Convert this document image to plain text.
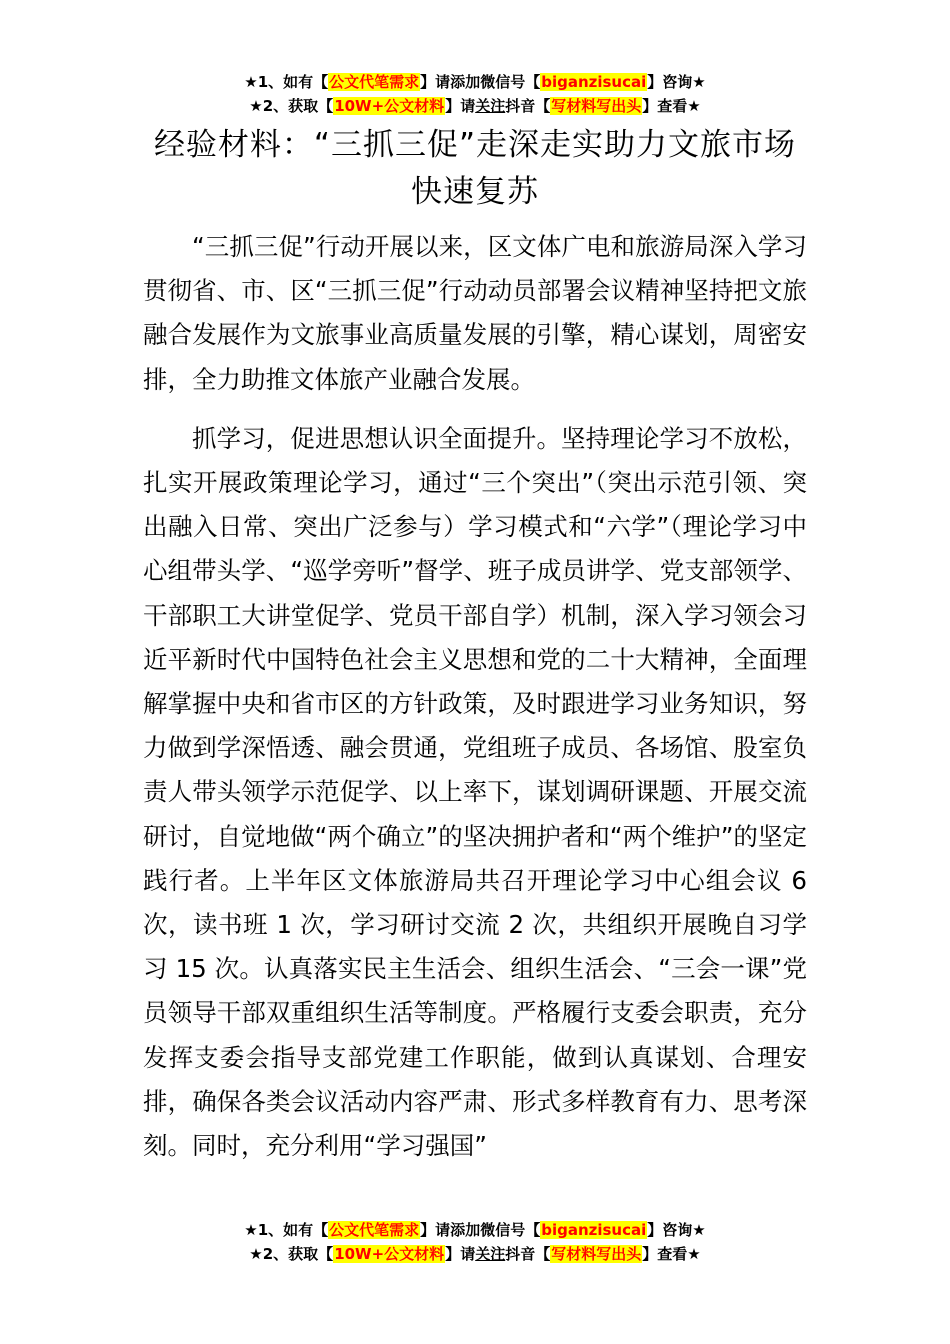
★1、如有【公文代笔需求】请添加微信号【biganzisucai】咨询★
★2、获取【10W+公文材料】请关注抖音【写材料写出头】查看★
经验材料：“三抓三促”走深走实助力文旅市场快速复苏

“三抓三促”行动开展以来，区文体广电和旅游局深入学习贯彻省、市、区“三抓三促”行动动员部署会议精神坚持把文旅融合发展作为文旅事业高质量发展的引擎，精心谋划，周密安排，全力助推文体旅产业融合发展。

抓学习，促进思想认识全面提升。坚持理论学习不放松，扎实开展政策理论学习，通过“三个突出”（突出示范引领、突出融入日常、突出广泛参与）学习模式和“六学”（理论学习中心组带头学、“巡学旁听”督学、班子成员讲学、党支部领学、干部职工大讲堂促学、党员干部自学）机制，深入学习领会习近平新时代中国特色社会主义思想和党的二十大精神，全面理解掌握中央和省市区的方针政策，及时跟进学习业务知识，努力做到学深悟透、融会贯通，党组班子成员、各场馆、股室负责人带头领学示范促学、以上率下，谋划调研课题、开展交流研讨，自觉地做“两个确立”的坚决拥护者和“两个维护”的坚定践行者。上半年区文体旅游局共召开理论学习中心组会议 6 次，读书班 1 次，学习研讨交流 2 次，共组织开展晚自习学习 15 次。认真落实民主生活会、组织生活会、“三会一课”党员领导干部双重组织生活等制度。严格履行支委会职责，充分发挥支委会指导支部党建工作职能，做到认真谋划、合理安排，确保各类会议活动内容严肃、形式多样教育有力、思考深刻。同时，充分利用“学习强国”

★1、如有【公文代笔需求】请添加微信号【biganzisucai】咨询★
★2、获取【10W+公文材料】请关注抖音【写材料写出头】查看★
